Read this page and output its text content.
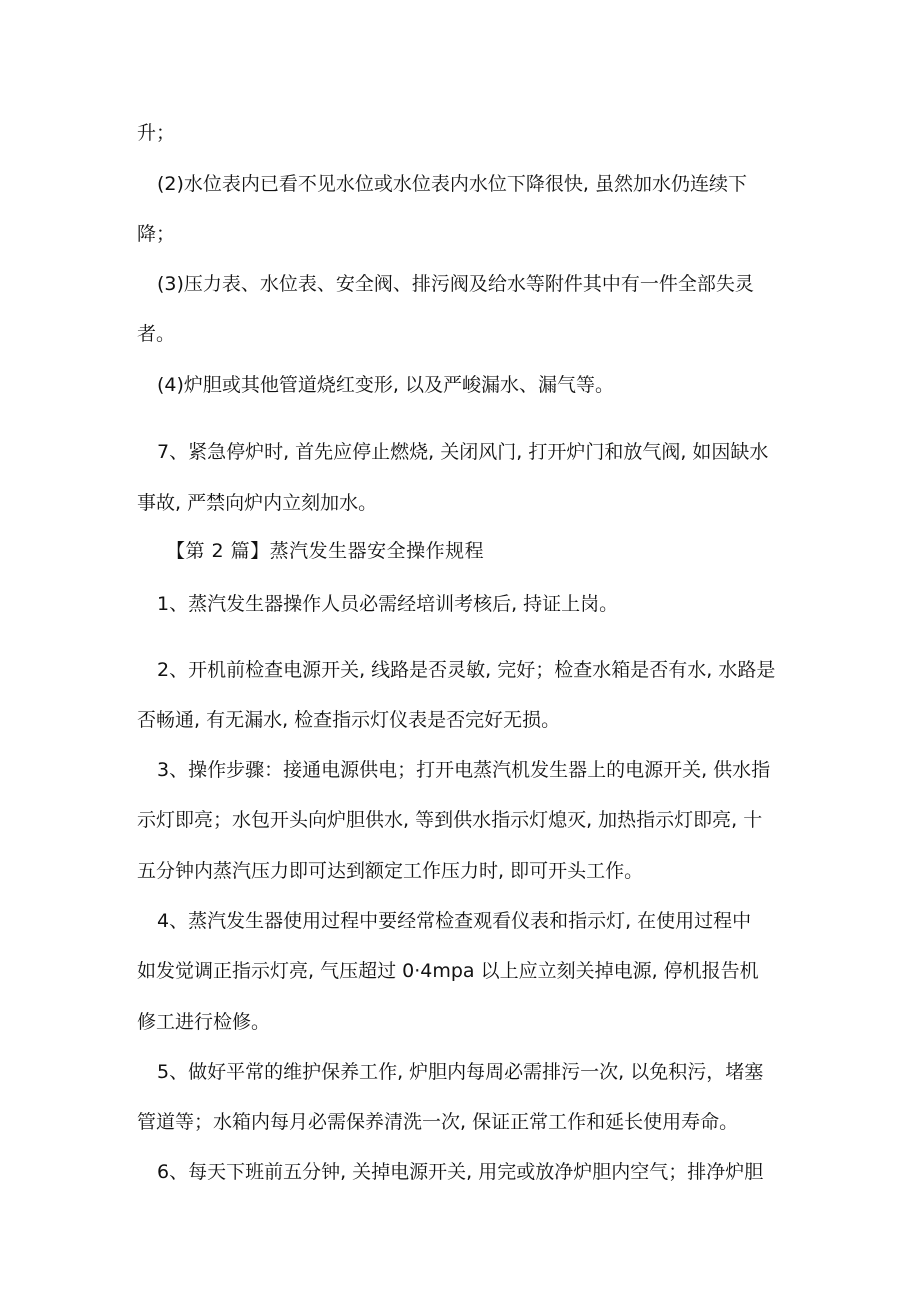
升；

(2)水位表内已看不见水位或水位表内水位下降很快, 虽然加水仍连续下

降；

(3)压力表、水位表、安全阀、排污阀及给水等附件其中有一件全部失灵

者。

(4)炉胆或其他管道烧红变形, 以及严峻漏水、漏气等。

7、紧急停炉时, 首先应停止燃烧, 关闭风门, 打开炉门和放气阀, 如因缺水

事故, 严禁向炉内立刻加水。

【第 2 篇】蒸汽发生器安全操作规程

1、蒸汽发生器操作人员必需经培训考核后, 持证上岗。

2、开机前检查电源开关, 线路是否灵敏, 完好；检查水箱是否有水, 水路是

否畅通, 有无漏水, 检查指示灯仪表是否完好无损。

3、操作步骤：接通电源供电；打开电蒸汽机发生器上的电源开关, 供水指

示灯即亮；水包开头向炉胆供水, 等到供水指示灯熄灭, 加热指示灯即亮, 十

五分钟内蒸汽压力即可达到额定工作压力时, 即可开头工作。

4、蒸汽发生器使用过程中要经常检查观看仪表和指示灯, 在使用过程中

如发觉调正指示灯亮, 气压超过 0·4mpa 以上应立刻关掉电源, 停机报告机

修工进行检修。

5、做好平常的维护保养工作, 炉胆内每周必需排污一次, 以免积污，堵塞

管道等；水箱内每月必需保养清洗一次, 保证正常工作和延长使用寿命。

6、每天下班前五分钟, 关掉电源开关, 用完或放净炉胆内空气；排净炉胆
